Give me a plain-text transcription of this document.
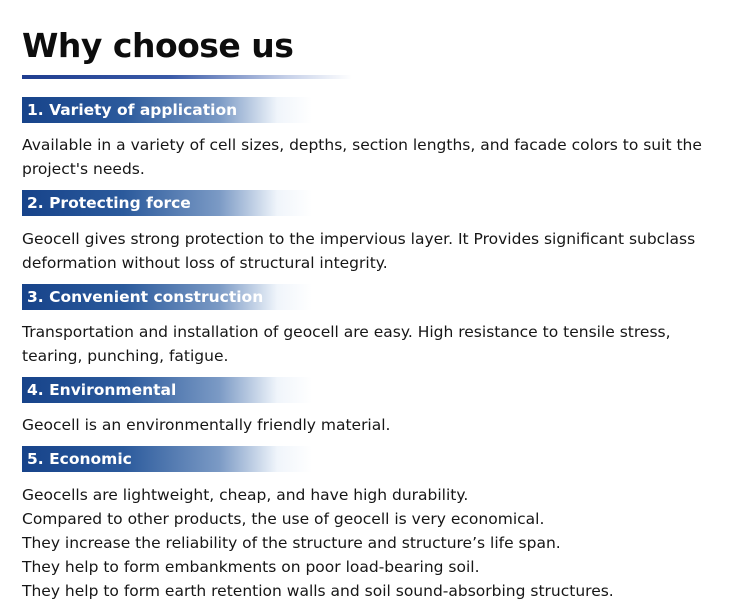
Why choose us
1. Variety of application

Available in a variety of cell sizes, depths, section lengths, and facade colors to suit the project's needs.

2. Protecting force

Geocell gives strong protection to the impervious layer. It Provides significant subclass deformation without loss of structural integrity.

3. Convenient construction

Transportation and installation of geocell are easy. High resistance to tensile stress, tearing, punching, fatigue.

4. Environmental

Geocell is an environmentally friendly material.

5. Economic
Geocells are lightweight, cheap, and have high durability.
Compared to other products, the use of geocell is very economical.
They increase the reliability of the structure and structure’s life span.
They help to form embankments on poor load-bearing soil.
They help to form earth retention walls and soil sound-absorbing structures.
